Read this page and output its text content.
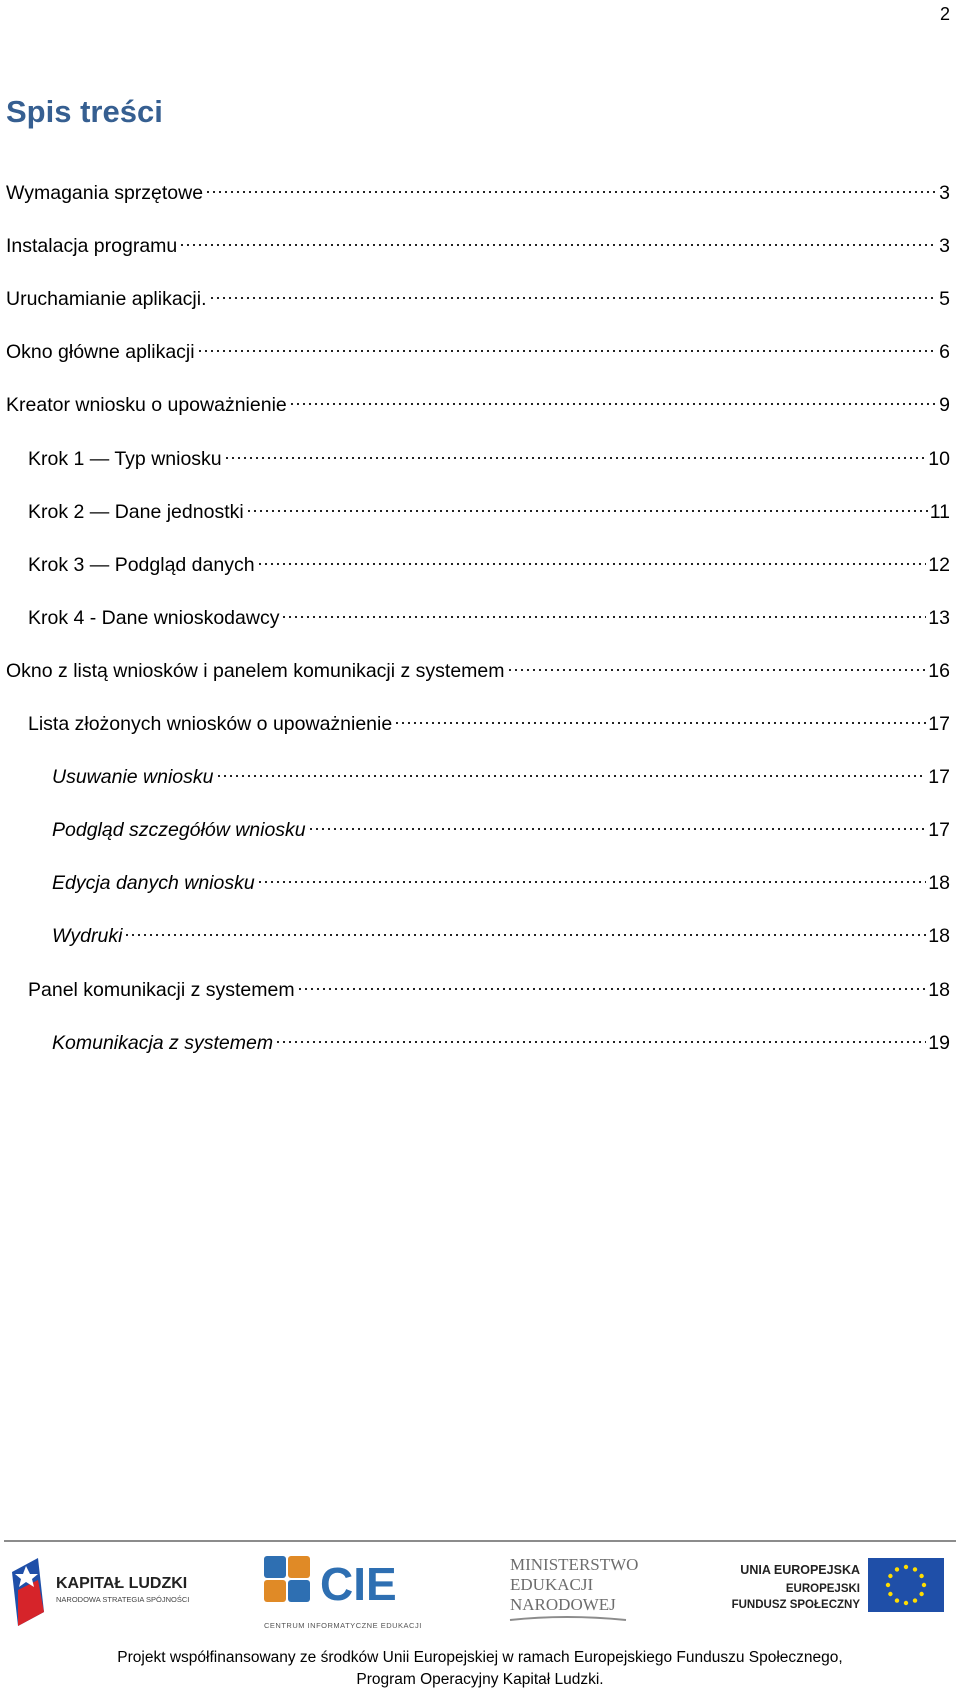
2
Spis treści
Wymagania sprzętowe	3
Instalacja programu	3
Uruchamianie aplikacji.	5
Okno główne aplikacji	6
Kreator wniosku o upoważnienie	9
Krok 1 — Typ wniosku	10
Krok 2 — Dane jednostki	11
Krok 3 — Podgląd danych	12
Krok 4 - Dane wnioskodawcy	13
Okno z listą wniosków i panelem komunikacji z systemem	16
Lista złożonych wniosków o upoważnienie	17
Usuwanie wniosku	17
Podgląd szczegółów wniosku	17
Edycja danych wniosku	18
Wydruki	18
Panel komunikacji z systemem	18
Komunikacja z systemem	19
KAPITAŁ LUDZKI
NARODOWA STRATEGIA SPÓJNOŚCI	CIE
CENTRUM INFORMATYCZNE EDUKACJI
MINISTERSTWO
EDUKACJI
NARODOWEJ
UNIA EUROPEJSKA
EUROPEJSKI
FUNDUSZ SPOŁECZNY
Projekt współfinansowany ze środków Unii Europejskiej w ramach Europejskiego Funduszu Społecznego,
Program Operacyjny Kapitał Ludzki.
